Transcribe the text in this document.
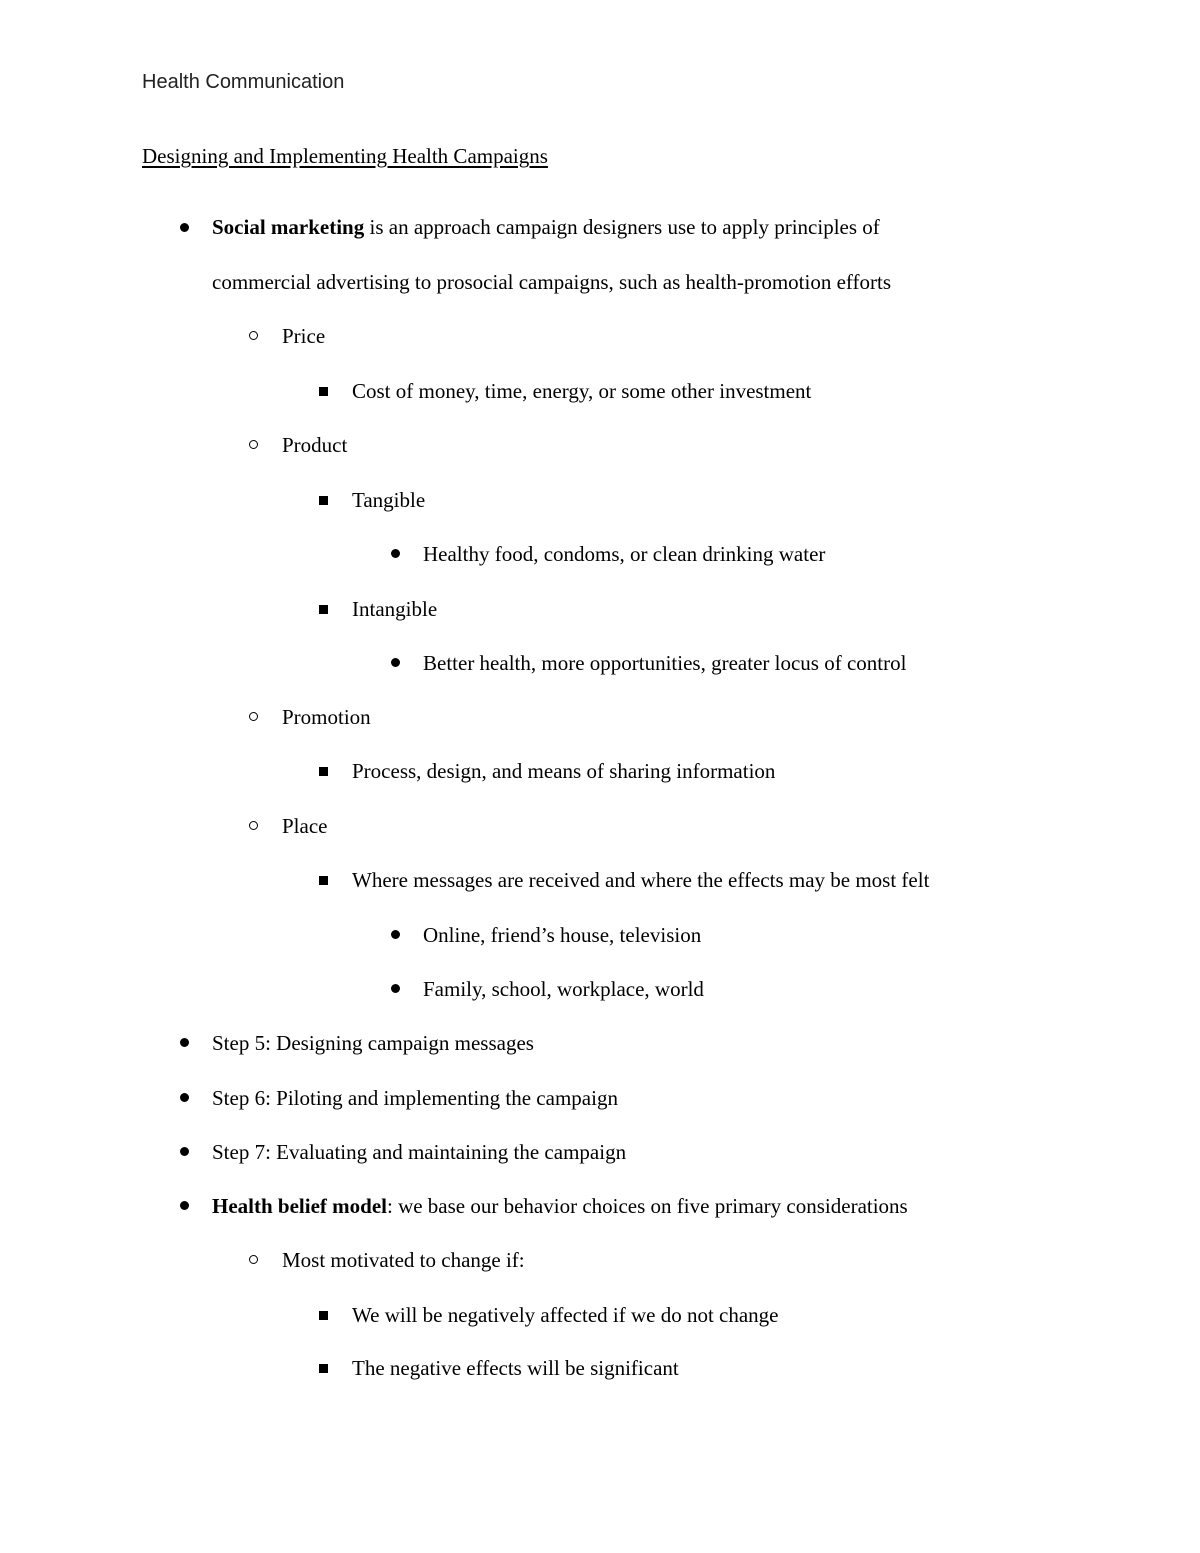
Health Communication
Designing and Implementing Health Campaigns
Social marketing is an approach campaign designers use to apply principles of
commercial advertising to prosocial campaigns, such as health-promotion efforts
Price
Cost of money, time, energy, or some other investment
Product
Tangible
Healthy food, condoms, or clean drinking water
Intangible
Better health, more opportunities, greater locus of control
Promotion
Process, design, and means of sharing information
Place
Where messages are received and where the effects may be most felt
Online, friend’s house, television
Family, school, workplace, world
Step 5: Designing campaign messages
Step 6: Piloting and implementing the campaign
Step 7: Evaluating and maintaining the campaign
Health belief model: we base our behavior choices on five primary considerations
Most motivated to change if:
We will be negatively affected if we do not change
The negative effects will be significant
